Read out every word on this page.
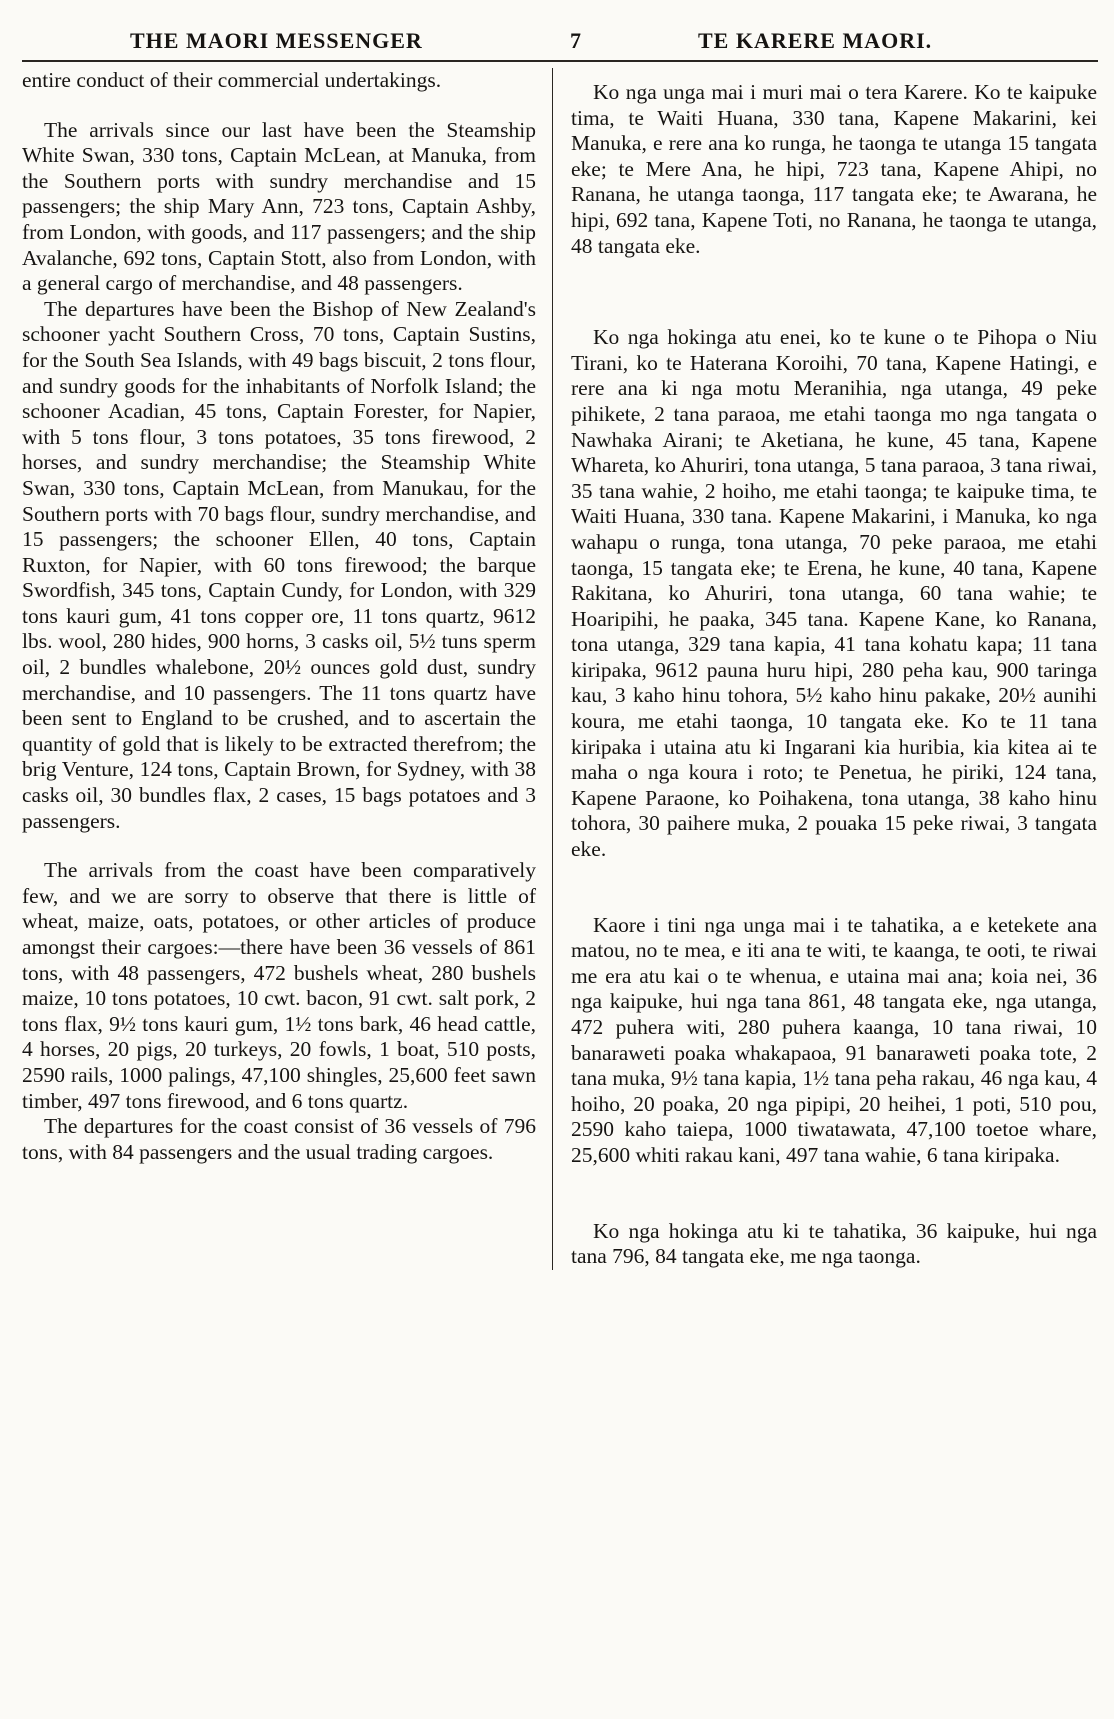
THE MAORI MESSENGER	7	TE KARERE MAORI.

entire conduct of their commercial undertakings.

The arrivals since our last have been the Steamship White Swan, 330 tons, Captain McLean, at Manuka, from the Southern ports with sundry merchandise and 15 passengers; the ship Mary Ann, 723 tons, Captain Ashby, from London, with goods, and 117 passengers; and the ship Avalanche, 692 tons, Captain Stott, also from London, with a general cargo of merchandise, and 48 passengers.

The departures have been the Bishop of New Zealand's schooner yacht Southern Cross, 70 tons, Captain Sustins, for the South Sea Islands, with 49 bags biscuit, 2 tons flour, and sundry goods for the inhabitants of Norfolk Island; the schooner Acadian, 45 tons, Captain Forester, for Napier, with 5 tons flour, 3 tons potatoes, 35 tons firewood, 2 horses, and sundry merchandise; the Steamship White Swan, 330 tons, Captain McLean, from Manukau, for the Southern ports with 70 bags flour, sundry merchandise, and 15 passengers; the schooner Ellen, 40 tons, Captain Ruxton, for Napier, with 60 tons firewood; the barque Swordfish, 345 tons, Captain Cundy, for London, with 329 tons kauri gum, 41 tons copper ore, 11 tons quartz, 9612 lbs. wool, 280 hides, 900 horns, 3 casks oil, 5½ tuns sperm oil, 2 bundles whalebone, 20½ ounces gold dust, sundry merchandise, and 10 passengers. The 11 tons quartz have been sent to England to be crushed, and to ascertain the quantity of gold that is likely to be extracted therefrom; the brig Venture, 124 tons, Captain Brown, for Sydney, with 38 casks oil, 30 bundles flax, 2 cases, 15 bags potatoes and 3 passengers.

The arrivals from the coast have been comparatively few, and we are sorry to observe that there is little of wheat, maize, oats, potatoes, or other articles of produce amongst their cargoes:—there have been 36 vessels of 861 tons, with 48 passengers, 472 bushels wheat, 280 bushels maize, 10 tons potatoes, 10 cwt. bacon, 91 cwt. salt pork, 2 tons flax, 9½ tons kauri gum, 1½ tons bark, 46 head cattle, 4 horses, 20 pigs, 20 turkeys, 20 fowls, 1 boat, 510 posts, 2590 rails, 1000 palings, 47,100 shingles, 25,600 feet sawn timber, 497 tons firewood, and 6 tons quartz.

The departures for the coast consist of 36 vessels of 796 tons, with 84 passengers and the usual trading cargoes.

Ko nga unga mai i muri mai o tera Karere. Ko te kaipuke tima, te Waiti Huana, 330 tana, Kapene Makarini, kei Manuka, e rere ana ko runga, he taonga te utanga 15 tangata eke; te Mere Ana, he hipi, 723 tana, Kapene Ahipi, no Ranana, he utanga taonga, 117 tangata eke; te Awarana, he hipi, 692 tana, Kapene Toti, no Ranana, he taonga te utanga, 48 tangata eke.

Ko nga hokinga atu enei, ko te kune o te Pihopa o Niu Tirani, ko te Haterana Koroihi, 70 tana, Kapene Hatingi, e rere ana ki nga motu Meranihia, nga utanga, 49 peke pihikete, 2 tana paraoa, me etahi taonga mo nga tangata o Nawhaka Airani; te Aketiana, he kune, 45 tana, Kapene Whareta, ko Ahuriri, tona utanga, 5 tana paraoa, 3 tana riwai, 35 tana wahie, 2 hoiho, me etahi taonga; te kaipuke tima, te Waiti Huana, 330 tana. Kapene Makarini, i Manuka, ko nga wahapu o runga, tona utanga, 70 peke paraoa, me etahi taonga, 15 tangata eke; te Erena, he kune, 40 tana, Kapene Rakitana, ko Ahuriri, tona utanga, 60 tana wahie; te Hoaripihi, he paaka, 345 tana. Kapene Kane, ko Ranana, tona utanga, 329 tana kapia, 41 tana kohatu kapa; 11 tana kiripaka, 9612 pauna huru hipi, 280 peha kau, 900 taringa kau, 3 kaho hinu tohora, 5½ kaho hinu pakake, 20½ aunihi koura, me etahi taonga, 10 tangata eke. Ko te 11 tana kiripaka i utaina atu ki Ingarani kia huribia, kia kitea ai te maha o nga koura i roto; te Penetua, he piriki, 124 tana, Kapene Paraone, ko Poihakena, tona utanga, 38 kaho hinu tohora, 30 paihere muka, 2 pouaka 15 peke riwai, 3 tangata eke.

Kaore i tini nga unga mai i te tahatika, a e ketekete ana matou, no te mea, e iti ana te witi, te kaanga, te ooti, te riwai me era atu kai o te whenua, e utaina mai ana; koia nei, 36 nga kaipuke, hui nga tana 861, 48 tangata eke, nga utanga, 472 puhera witi, 280 puhera kaanga, 10 tana riwai, 10 banaraweti poaka whakapaoa, 91 banaraweti poaka tote, 2 tana muka, 9½ tana kapia, 1½ tana peha rakau, 46 nga kau, 4 hoiho, 20 poaka, 20 nga pipipi, 20 heihei, 1 poti, 510 pou, 2590 kaho taiepa, 1000 tiwatawata, 47,100 toetoe whare, 25,600 whiti rakau kani, 497 tana wahie, 6 tana kiripaka.

Ko nga hokinga atu ki te tahatika, 36 kaipuke, hui nga tana 796, 84 tangata eke, me nga taonga.
